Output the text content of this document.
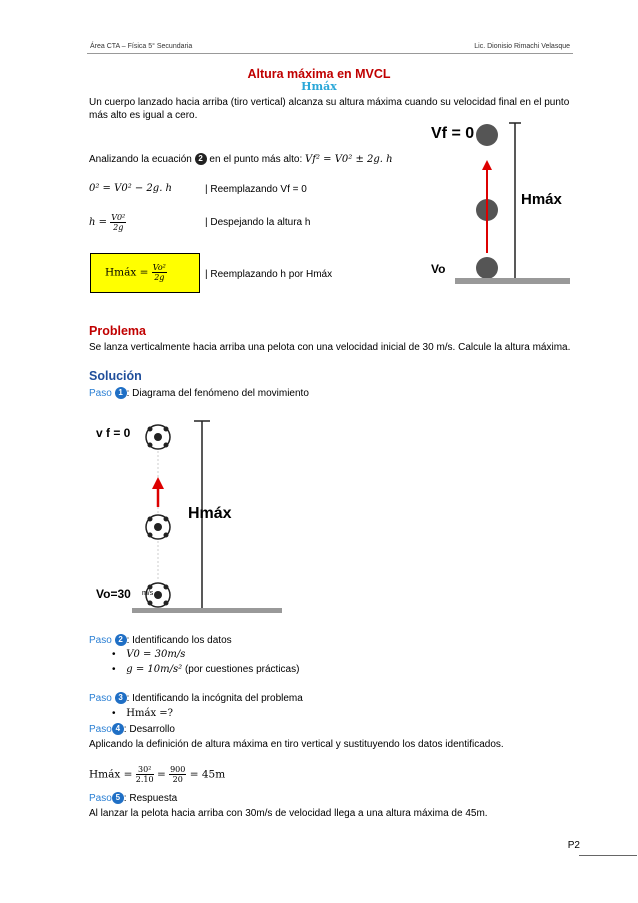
Área CTA – Física 5° Secundaria	Lic. Dionisio Rimachi Velasque
Altura máxima en MVCL
Hmáx
Un cuerpo lanzado hacia arriba (tiro vertical) alcanza su altura máxima cuando su velocidad final en el punto más alto es igual a cero.
Analizando la ecuación 2 en el punto más alto: Vf² = V0² ± 2g. h
0² = V0² − 2g. h	| Reemplazando Vf = 0
$h = \frac{\text{V0²}}{2g}$	| Despejando la altura h
Hmáx = $\frac{\text{Vo²}}{2g}$	| Reemplazando h por Hmáx
Vf = 0
Hmáx
Vo
Problema
Se lanza verticalmente hacia arriba una pelota con una velocidad inicial de 30 m/s. Calcule la altura máxima.
Solución
Paso 1 : Diagrama del fenómeno del movimiento
v f = 0
Hmáx
Vo=30 m/s
Paso 2 : Identificando los datos
• V0 = 30m/s
• g = 10m/s² (por cuestiones prácticas)
Paso 3 : Identificando la incógnita del problema
• Hmáx =?
Paso 4 : Desarrollo
Aplicando la definición de altura máxima en tiro vertical y sustituyendo los datos identificados.
Hmáx = $\frac{\text{30²}}{2.10} = \frac{900}{20} = 45m$
Paso 5 : Respuesta
Al lanzar la pelota hacia arriba con 30m/s de velocidad llega a una altura máxima de 45m.
P2
